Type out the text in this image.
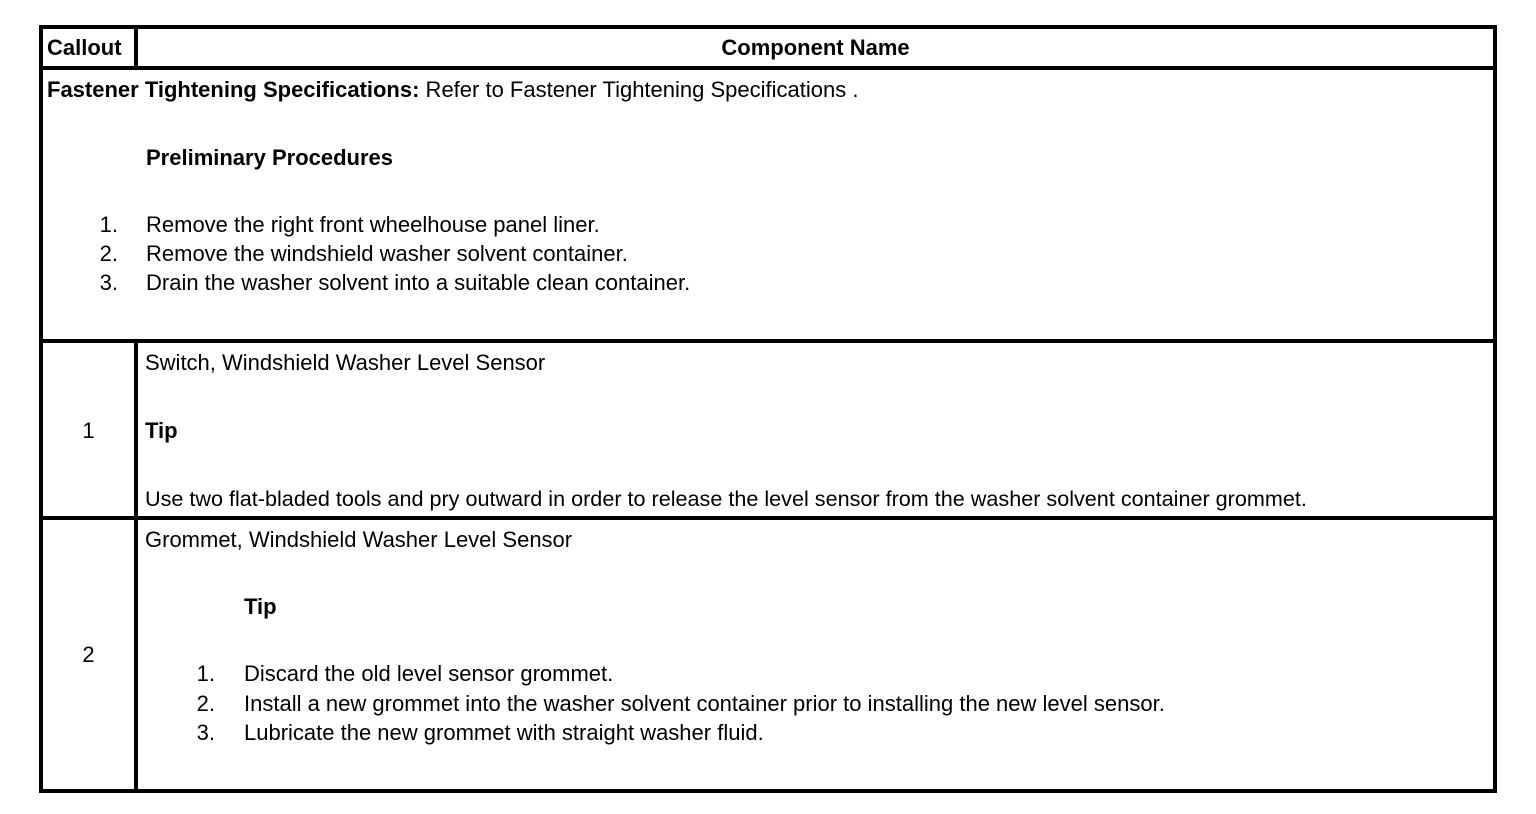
Callout	Component Name
Fastener Tightening Specifications: Refer to Fastener Tightening Specifications .
Preliminary Procedures
1. Remove the right front wheelhouse panel liner.
2. Remove the windshield washer solvent container.
3. Drain the washer solvent into a suitable clean container.
1
Switch, Windshield Washer Level Sensor
Tip
Use two flat-bladed tools and pry outward in order to release the level sensor from the washer solvent container grommet.
2
Grommet, Windshield Washer Level Sensor
Tip
1. Discard the old level sensor grommet.
2. Install a new grommet into the washer solvent container prior to installing the new level sensor.
3. Lubricate the new grommet with straight washer fluid.
